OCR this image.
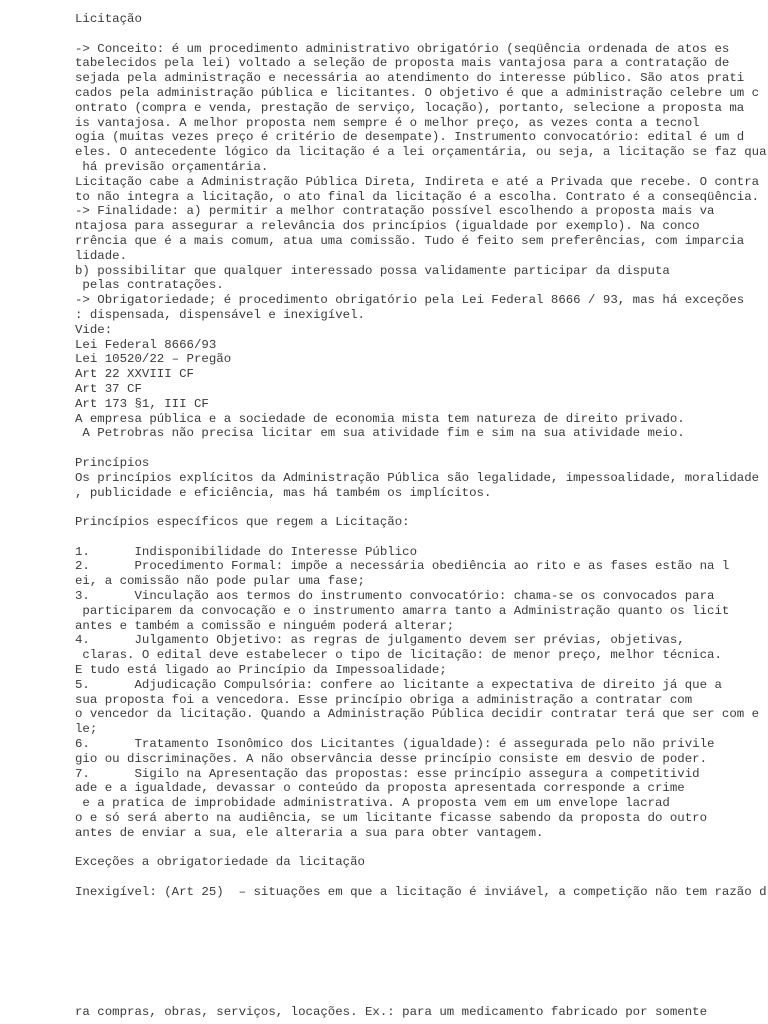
Licitação

-> Conceito: é um procedimento administrativo obrigatório (seqüência ordenada de atos es
tabelecidos pela lei) voltado a seleção de proposta mais vantajosa para a contratação de
sejada pela administração e necessária ao atendimento do interesse público. São atos prati
cados pela administração pública e licitantes. O objetivo é que a administração celebre um c
ontrato (compra e venda, prestação de serviço, locação), portanto, selecione a proposta ma
is vantajosa. A melhor proposta nem sempre é o melhor preço, as vezes conta a tecnol
ogia (muitas vezes preço é critério de desempate). Instrumento convocatório: edital é um d
eles. O antecedente lógico da licitação é a lei orçamentária, ou seja, a licitação se faz qua
há previsão orçamentária.
Licitação cabe a Administração Pública Direta, Indireta e até a Privada que recebe. O contra
to não integra a licitação, o ato final da licitação é a escolha. Contrato é a conseqüência.
-> Finalidade: a) permitir a melhor contratação possível escolhendo a proposta mais va
ntajosa para assegurar a relevância dos princípios (igualdade por exemplo). Na conco
rrência que é a mais comum, atua uma comissão. Tudo é feito sem preferências, com imparcia
lidade.
b) possibilitar que qualquer interessado possa validamente participar da disputa
pelas contratações.
-> Obrigatoriedade; é procedimento obrigatório pela Lei Federal 8666 / 93, mas há exceções
: dispensada, dispensável e inexigível.
Vide:
Lei Federal 8666/93
Lei 10520/22 – Pregão
Art 22 XXVIII CF
Art 37 CF
Art 173 §1, III CF
A empresa pública e a sociedade de economia mista tem natureza de direito privado.
A Petrobras não precisa licitar em sua atividade fim e sim na sua atividade meio.

Princípios
Os princípios explícitos da Administração Pública são legalidade, impessoalidade, moralidade
, publicidade e eficiência, mas há também os implícitos.

Princípios específicos que regem a Licitação:

1.      Indisponibilidade do Interesse Público
2.      Procedimento Formal: impõe a necessária obediência ao rito e as fases estão na l
ei, a comissão não pode pular uma fase;
3.      Vinculação aos termos do instrumento convocatório: chama-se os convocados para
participarem da convocação e o instrumento amarra tanto a Administração quanto os licit
antes e também a comissão e ninguém poderá alterar;
4.      Julgamento Objetivo: as regras de julgamento devem ser prévias, objetivas,
claras. O edital deve estabelecer o tipo de licitação: de menor preço, melhor técnica.
E tudo está ligado ao Princípio da Impessoalidade;
5.      Adjudicação Compulsória: confere ao licitante a expectativa de direito já que a
sua proposta foi a vencedora. Esse princípio obriga a administração a contratar com
o vencedor da licitação. Quando a Administração Pública decidir contratar terá que ser com e
le;
6.      Tratamento Isonômico dos Licitantes (igualdade): é assegurada pelo não privile
gio ou discriminações. A não observância desse princípio consiste em desvio de poder.
7.      Sigilo na Apresentação das propostas: esse princípio assegura a competitivid
ade e a igualdade, devassar o conteúdo da proposta apresentada corresponde a crime
e a pratica de improbidade administrativa. A proposta vem em um envelope lacrad
o e só será aberto na audiência, se um licitante ficasse sabendo da proposta do outro
antes de enviar a sua, ele alteraria a sua para obter vantagem.

Exceções a obrigatoriedade da licitação

Inexigível: (Art 25)  – situações em que a licitação é inviável, a competição não tem razão d
ra compras, obras, serviços, locações. Ex.: para um medicamento fabricado por somente
